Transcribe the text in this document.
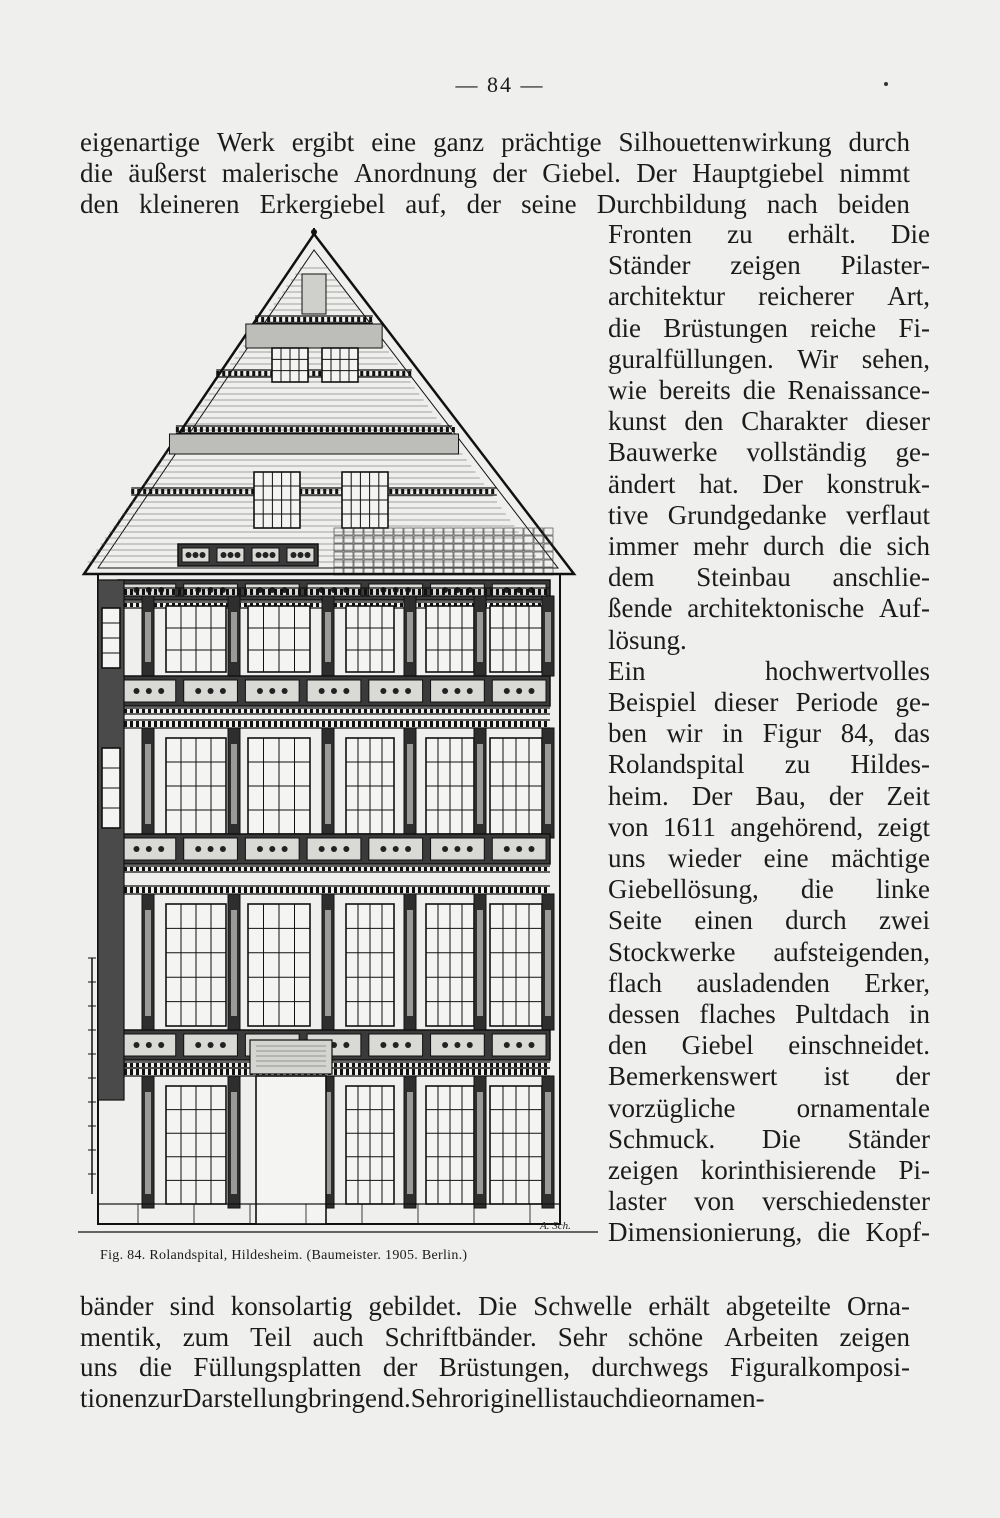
— 84 —
eigenartige Werk ergibt eine ganz prächtige Silhouettenwirkung durch
die äußerst malerische Anordnung der Giebel. Der Hauptgiebel nimmt
den kleineren Erkergiebel auf, der seine Durchbildung nach beiden
Fronten zu erhält. Die
Ständer zeigen Pilaster-
architektur reicherer Art,
die Brüstungen reiche Fi-
guralfüllungen. Wir sehen,
wie bereits die Renaissance-
kunst den Charakter dieser
Bauwerke vollständig ge-
ändert hat. Der konstruk-
tive Grundgedanke verflaut
immer mehr durch die sich
dem Steinbau anschlie-
ßende architektonische Auf-
lösung.
Ein	hochwertvolles
Beispiel dieser Periode ge-
ben wir in Figur 84, das
Rolandspital zu Hildes-
heim. Der Bau, der Zeit
von 1611 angehörend, zeigt
uns wieder eine mächtige
Giebellösung, die linke
Seite einen durch zwei
Stockwerke aufsteigenden,
flach ausladenden Erker,
dessen flaches Pultdach in
den Giebel einschneidet.
Bemerkenswert ist der
vorzügliche ornamentale
Schmuck. Die Ständer
zeigen korinthisierende Pi-
laster von verschiedenster
Dimensionierung, die Kopf-
bänder sind konsolartig gebildet. Die Schwelle erhält abgeteilte Orna-
mentik, zum Teil auch Schriftbänder. Sehr schöne Arbeiten zeigen
uns die Füllungsplatten der Brüstungen, durchwegs Figuralkomposi-
tionen zur Darstellung bringend. Sehr originell ist auch die ornamen-
A. Sch.
Fig. 84. Rolandspital, Hildesheim. (Baumeister. 1905. Berlin.)
